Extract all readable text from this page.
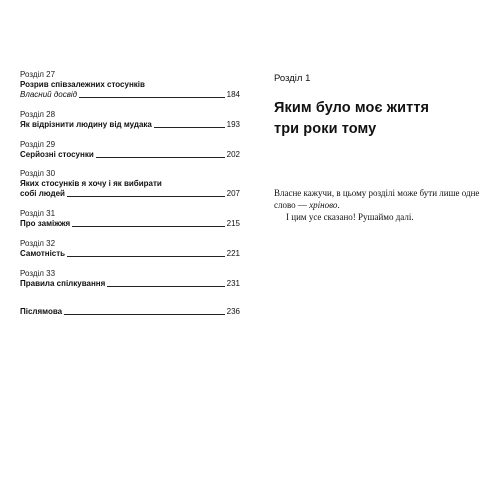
Розділ 27
Розрив співзалежних стосунків
Власний досвід	184
Розділ 28
Як відрізнити людину від мудака	193
Розділ 29
Серйозні стосунки	202
Розділ 30
Яких стосунків я хочу і як вибирати
собі людей	207
Розділ 31
Про заміжжя	215
Розділ 32
Самотність	221
Розділ 33
Правила спілкування	231
Післямова	236
Розділ 1
Яким було моє життя
три роки тому

Власне кажучи, в цьому розділі може бути лише одне слово — хріново.

І цим усе сказано! Рушаймо далі.
